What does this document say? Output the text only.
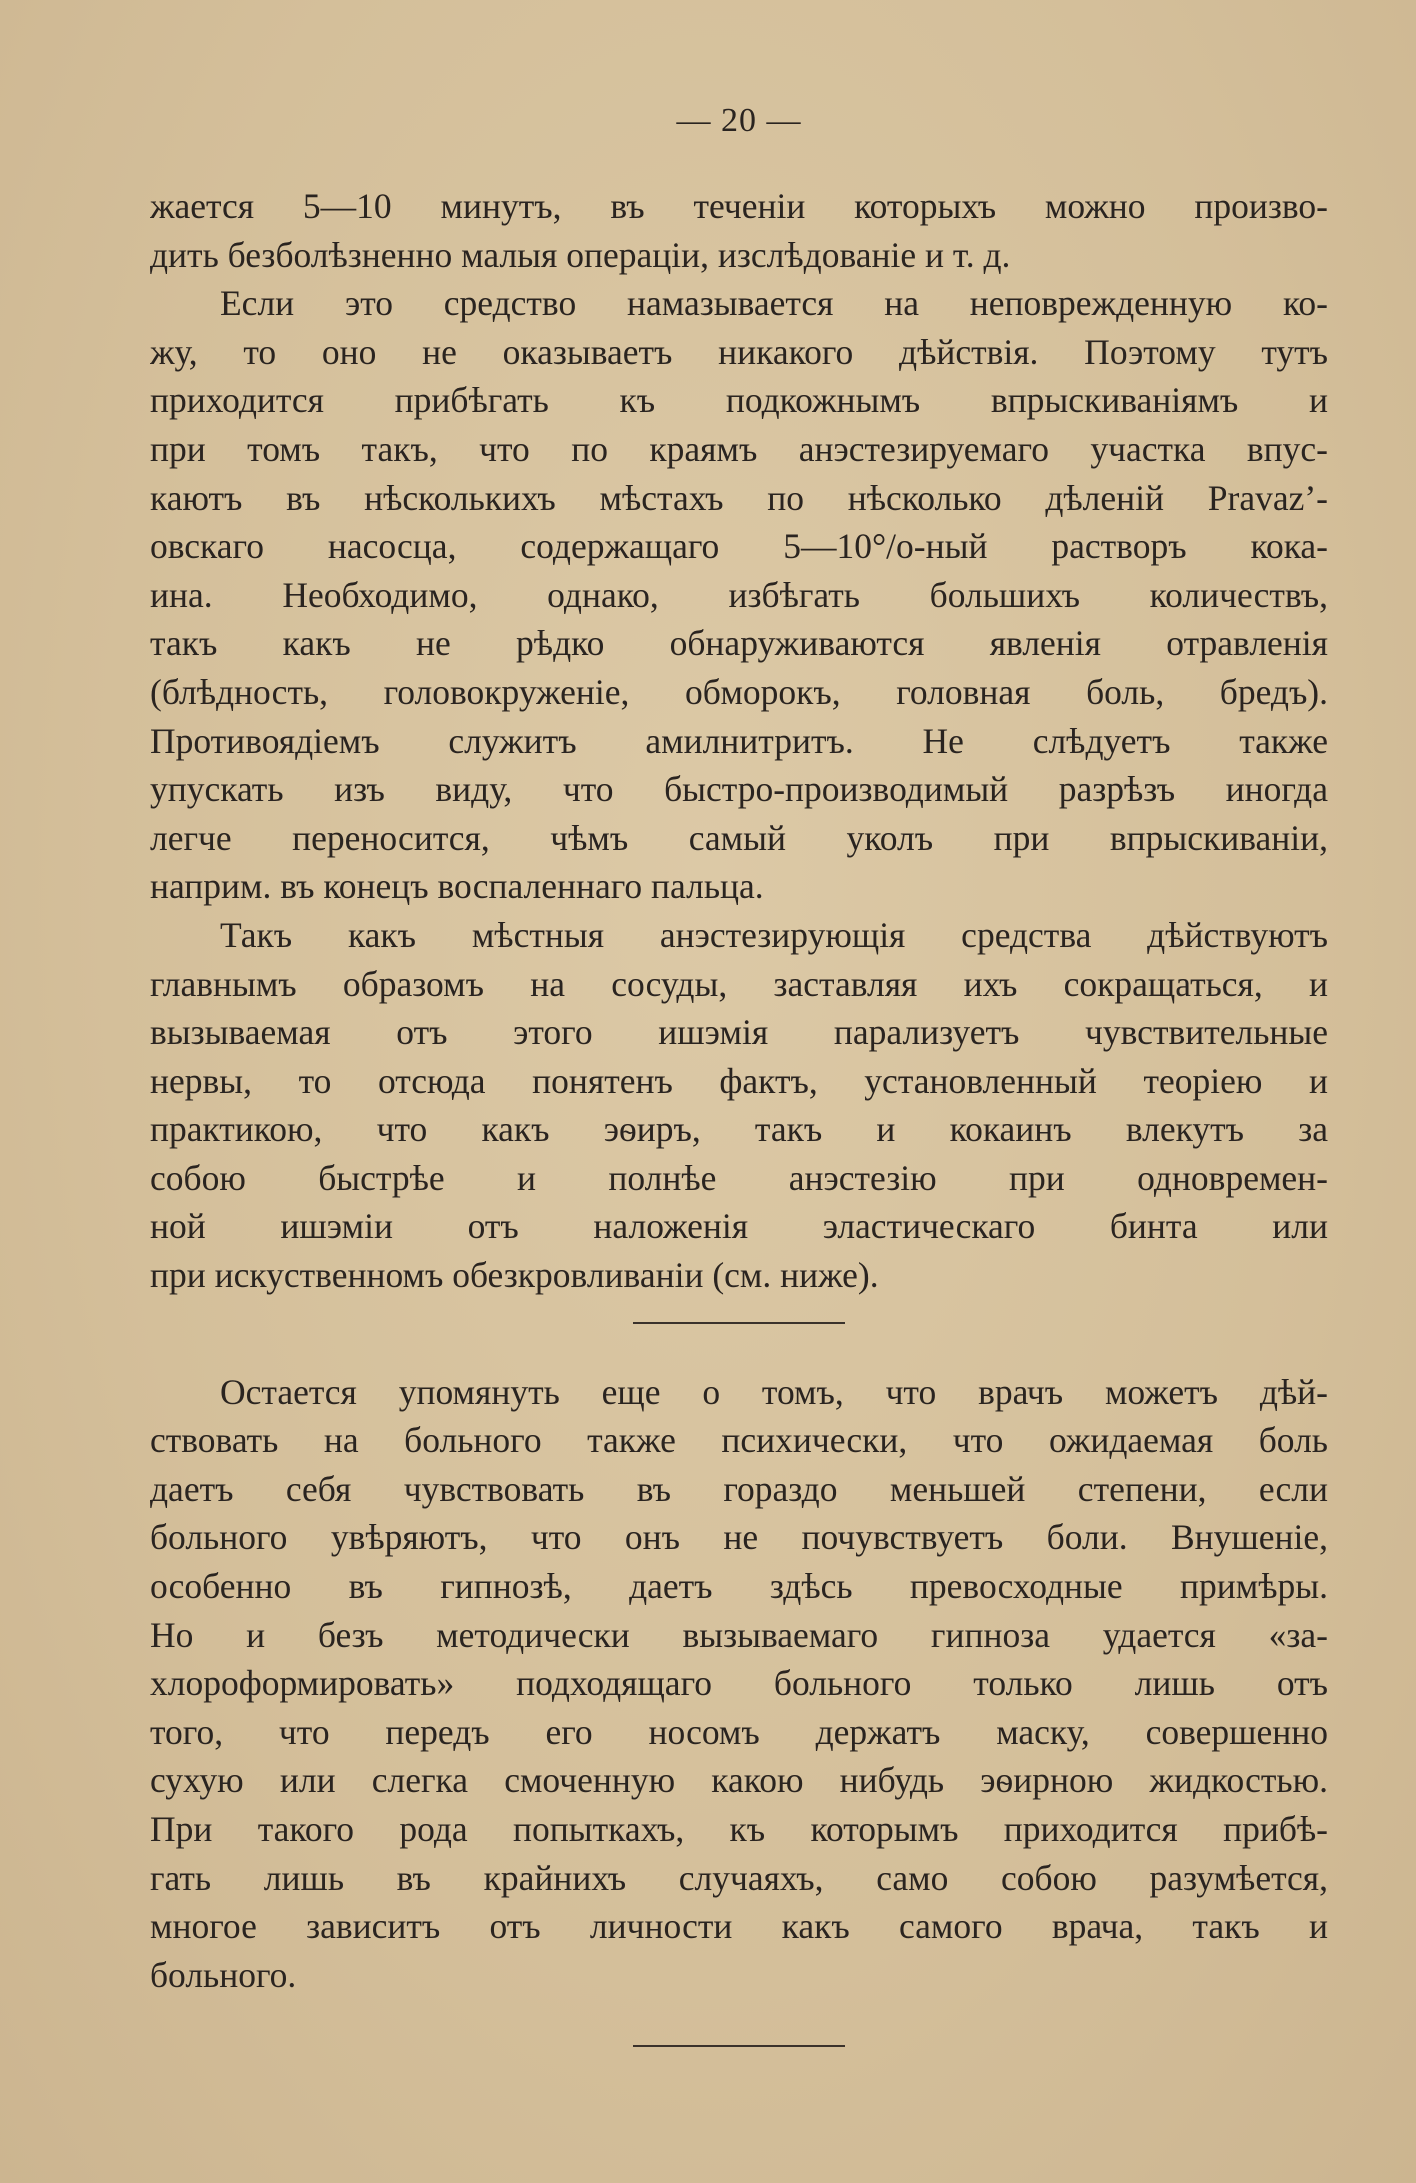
— 20 —
жается 5—10 минутъ, въ теченіи которыхъ можно произво-
дить безболѣзненно малыя операціи, изслѣдованіе и т. д.
Если это средство намазывается на неповрежденную ко-
жу, то оно не оказываетъ никакого дѣйствія. Поэтому тутъ
приходится прибѣгать къ подкожнымъ впрыскиваніямъ и
при томъ такъ, что по краямъ анэстезируемаго участка впус-
каютъ въ нѣсколькихъ мѣстахъ по нѣсколько дѣленій Pravaz’-
овскаго насосца, содержащаго 5—10°/о-ный растворъ кока-
ина. Необходимо, однако, избѣгать большихъ количествъ,
такъ какъ не рѣдко обнаруживаются явленія отравленія
(блѣдность, головокруженіе, обморокъ, головная боль, бредъ).
Противоядіемъ служитъ амилнитритъ. Не слѣдуетъ также
упускать изъ виду, что быстро-производимый разрѣзъ иногда
легче переносится, чѣмъ самый уколъ при впрыскиваніи,
наприм. въ конецъ воспаленнаго пальца.
Такъ какъ мѣстныя анэстезирующія средства дѣйствуютъ
главнымъ образомъ на сосуды, заставляя ихъ сокращаться, и
вызываемая отъ этого ишэмія парализуетъ чувствительные
нервы, то отсюда понятенъ фактъ, установленный теоріею и
практикою, что какъ эѳиръ, такъ и кокаинъ влекутъ за
собою быстрѣе и полнѣе анэстезію при одновремен-
ной ишэміи отъ наложенія эластическаго бинта или
при искуственномъ обезкровливаніи (см. ниже).
Остается упомянуть еще о томъ, что врачъ можетъ дѣй-
ствовать на больного также психически, что ожидаемая боль
даетъ себя чувствовать въ гораздо меньшей степени, если
больного увѣряютъ, что онъ не почувствуетъ боли. Внушеніе,
особенно въ гипнозѣ, даетъ здѣсь превосходные примѣры.
Но и безъ методически вызываемаго гипноза удается «за-
хлороформировать» подходящаго больного только лишь отъ
того, что передъ его носомъ держатъ маску, совершенно
сухую или слегка смоченную какою нибудь эѳирною жидкостью.
При такого рода попыткахъ, къ которымъ приходится прибѣ-
гать лишь въ крайнихъ случаяхъ, само собою разумѣется,
многое зависитъ отъ личности какъ самого врача, такъ и
больного.
